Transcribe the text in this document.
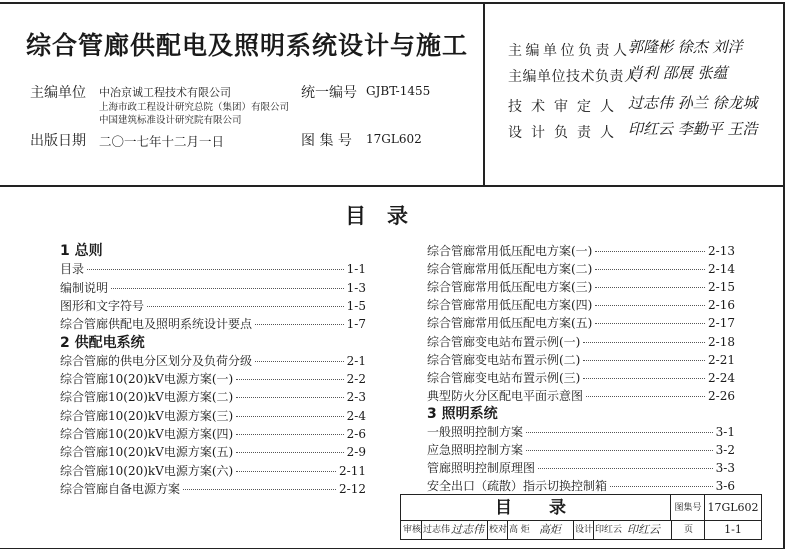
综合管廊供配电及照明系统设计与施工
主编单位 中冶京诚工程技术有限公司
上海市政工程设计研究总院（集团）有限公司
中国建筑标准设计研究院有限公司
统一编号 GJBT-1455
出版日期 二〇一七年十二月一日	图 集 号 17GL602
主编单位负责人
郭隆彬 徐杰 刘洋
主编单位技术负责人
肖利 邵展 张蕴
技术审定人 过志伟 孙兰 徐龙城
设计负责人 印红云 李勤平 王浩
目　录
1 总则
目录	1-1
编制说明	1-3
图形和文字符号	1-5
综合管廊供配电及照明系统设计要点	1-7
2 供配电系统
综合管廊的供电分区划分及负荷分级	2-1
综合管廊10(20)kV电源方案(一)	2-2
综合管廊10(20)kV电源方案(二)	2-3
综合管廊10(20)kV电源方案(三)	2-4
综合管廊10(20)kV电源方案(四)	2-6
综合管廊10(20)kV电源方案(五)	2-9
综合管廊10(20)kV电源方案(六)	2-11
综合管廊自备电源方案	2-12
综合管廊常用低压配电方案(一)	2-13
综合管廊常用低压配电方案(二)	2-14
综合管廊常用低压配电方案(三)	2-15
综合管廊常用低压配电方案(四)	2-16
综合管廊常用低压配电方案(五)	2-17
综合管廊变电站布置示例(一)	2-18
综合管廊变电站布置示例(二)	2-21
综合管廊变电站布置示例(三)	2-24
典型防火分区配电平面示意图	2-26
3 照明系统
一般照明控制方案	3-1
应急照明控制方案	3-2
管廊照明控制原理图	3-3
安全出口（疏散）指示切换控制箱	3-6
目　录	图集号 17GL602
审核 过志伟 过志伟 校对 高 炬 高炬 设计 印红云 印红云	页	1-1
